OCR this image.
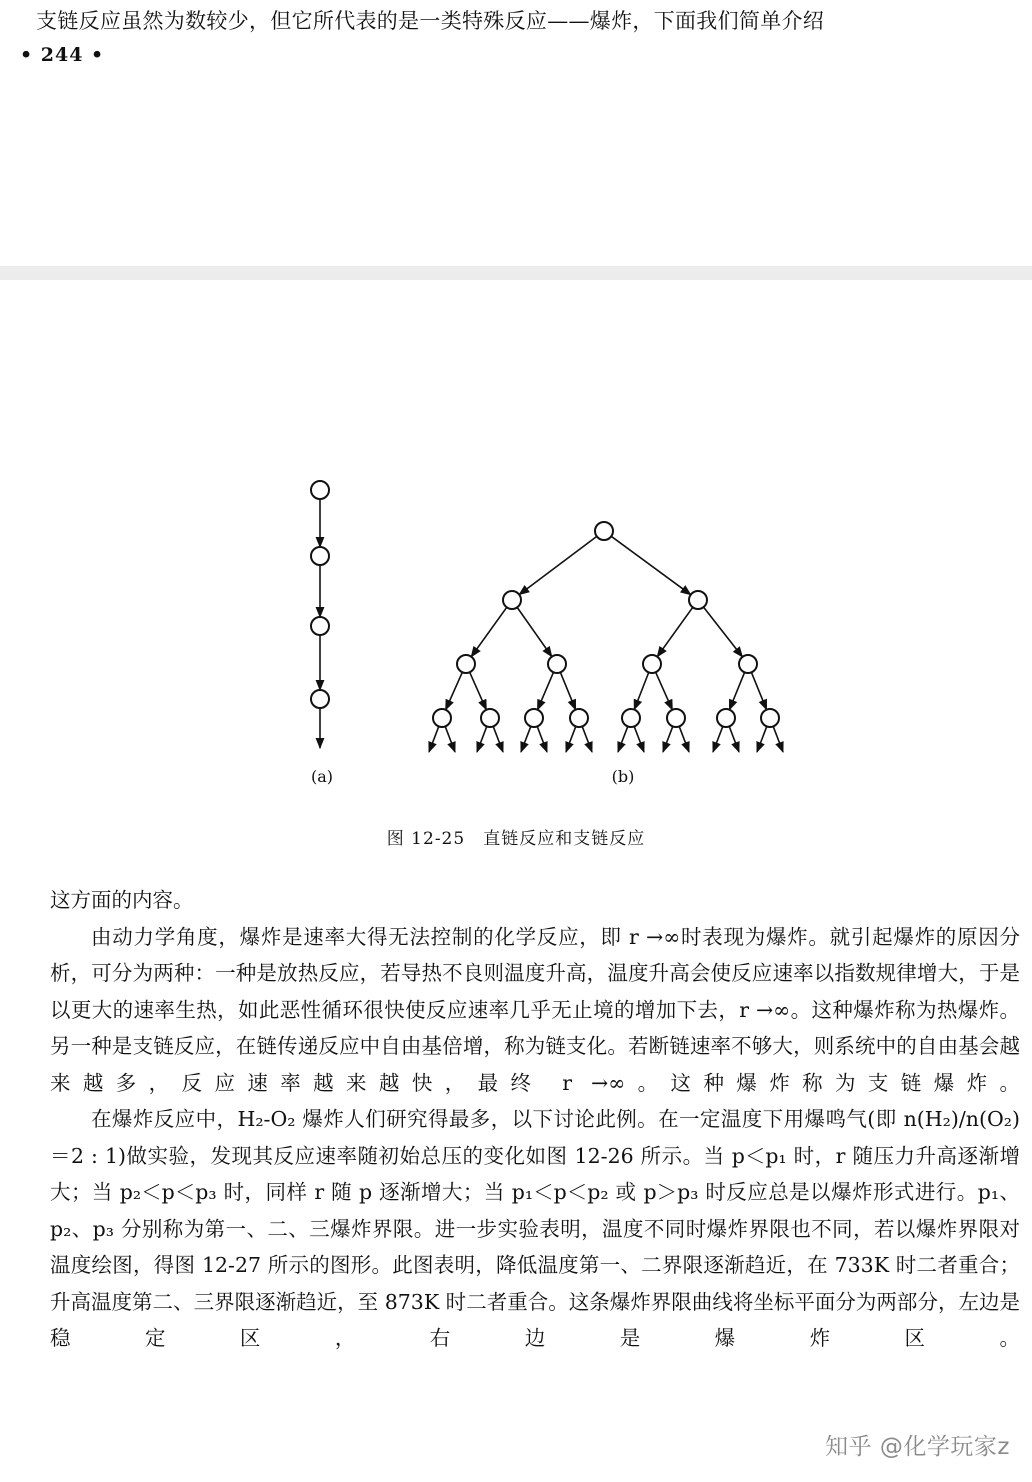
支链反应虽然为数较少，但它所代表的是一类特殊反应——爆炸，下面我们简单介绍
• 244 •
(a)	(b)
图 12-25　直链反应和支链反应

这方面的内容。

由动力学角度，爆炸是速率大得无法控制的化学反应，即 r →∞时表现为爆炸。就引起爆炸的原因分析，可分为两种：一种是放热反应，若导热不良则温度升高，温度升高会使反应速率以指数规律增大，于是以更大的速率生热，如此恶性循环很快使反应速率几乎无止境的增加下去，r →∞。这种爆炸称为热爆炸。另一种是支链反应，在链传递反应中自由基倍增，称为链支化。若断链速率不够大，则系统中的自由基会越来越多，反应速率越来越快，最终 r →∞。这种爆炸称为支链爆炸。

在爆炸反应中，H₂-O₂ 爆炸人们研究得最多，以下讨论此例。在一定温度下用爆鸣气(即 n(H₂)/n(O₂)＝2 : 1)做实验，发现其反应速率随初始总压的变化如图 12-26 所示。当 p＜p₁ 时，r 随压力升高逐渐增大；当 p₂＜p＜p₃ 时，同样 r 随 p 逐渐增大；当 p₁＜p＜p₂ 或 p＞p₃ 时反应总是以爆炸形式进行。p₁、p₂、p₃ 分别称为第一、二、三爆炸界限。进一步实验表明，温度不同时爆炸界限也不同，若以爆炸界限对温度绘图，得图 12-27 所示的图形。此图表明，降低温度第一、二界限逐渐趋近，在 733K 时二者重合；升高温度第二、三界限逐渐趋近，至 873K 时二者重合。这条爆炸界限曲线将坐标平面分为两部分，左边是稳定区，右边是爆炸区。

知乎 @化学玩家z
